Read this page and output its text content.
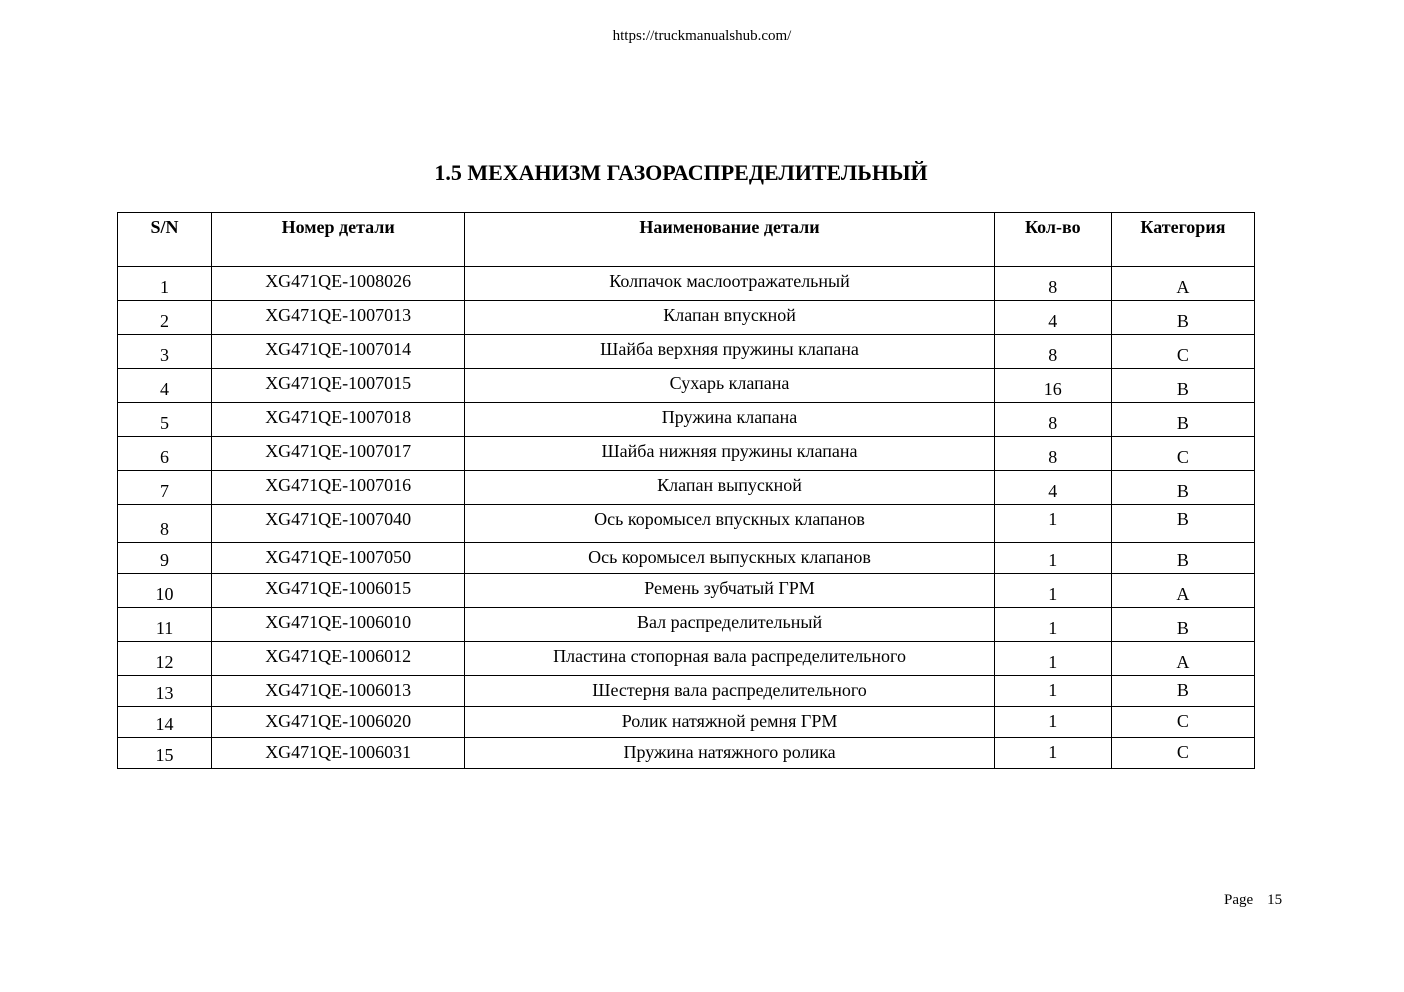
https://truckmanualshub.com/
1.5 МЕХАНИЗМ ГАЗОРАСПРЕДЕЛИТЕЛЬНЫЙ
S/N	Номер детали	Наименование детали	Кол-во	Категория
1	XG471QE-1008026	Колпачок маслоотражательный	8	A
2	XG471QE-1007013	Клапан впускной	4	B
3	XG471QE-1007014	Шайба верхняя пружины клапана	8	C
4	XG471QE-1007015	Сухарь клапана	16	B
5	XG471QE-1007018	Пружина клапана	8	B
6	XG471QE-1007017	Шайба нижняя пружины клапана	8	C
7	XG471QE-1007016	Клапан выпускной	4	B
8	XG471QE-1007040	Ось коромысел впускных клапанов	1	B
9	XG471QE-1007050	Ось коромысел выпускных клапанов	1	B
10	XG471QE-1006015	Ремень зубчатый ГРМ	1	A
11	XG471QE-1006010	Вал распределительный	1	B
12	XG471QE-1006012	Пластина стопорная вала распределительного	1	A
13	XG471QE-1006013	Шестерня вала распределительного	1	B
14	XG471QE-1006020	Ролик натяжной ремня ГРМ	1	C
15	XG471QE-1006031	Пружина натяжного ролика	1	C
Page 15
